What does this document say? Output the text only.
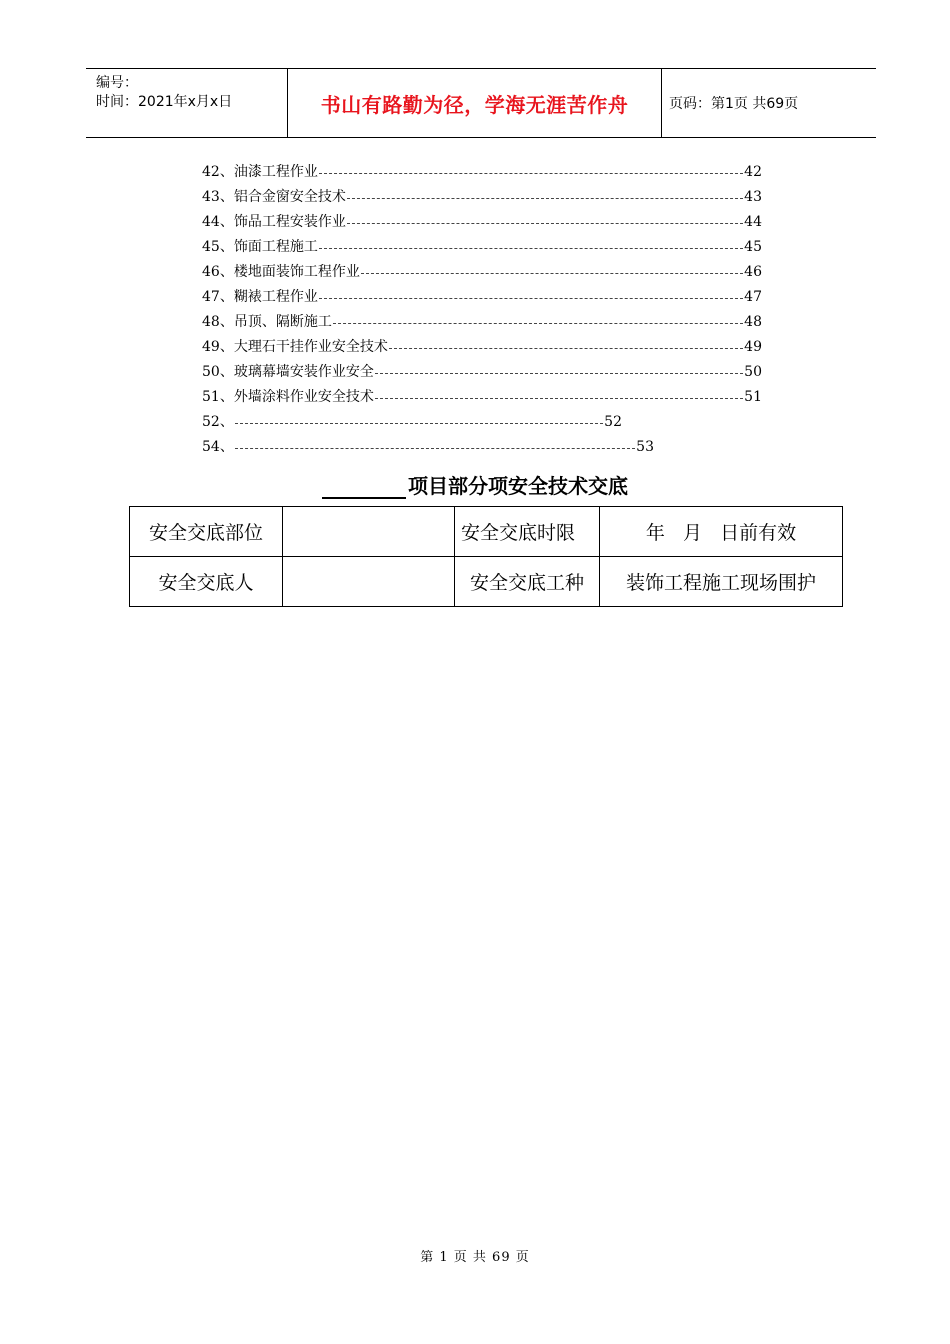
编号：
时间：2021年x月x日	书山有路勤为径，学海无涯苦作舟	页码：第1页 共69页
42、油漆工程作业	42
43、铝合金窗安全技术	43
44、饰品工程安装作业	44
45、饰面工程施工	45
46、楼地面装饰工程作业	46
47、糊裱工程作业	47
48、吊顶、隔断施工	48
49、大理石干挂作业安全技术	49
50、玻璃幕墙安装作业安全	50
51、外墙涂料作业安全技术	51
52、	52
54、	53
项目部分项安全技术交底
安全交底部位		安全交底时限	年   月   日前有效
安全交底人		安全交底工种	装饰工程施工现场围护
第 1 页 共 69 页
